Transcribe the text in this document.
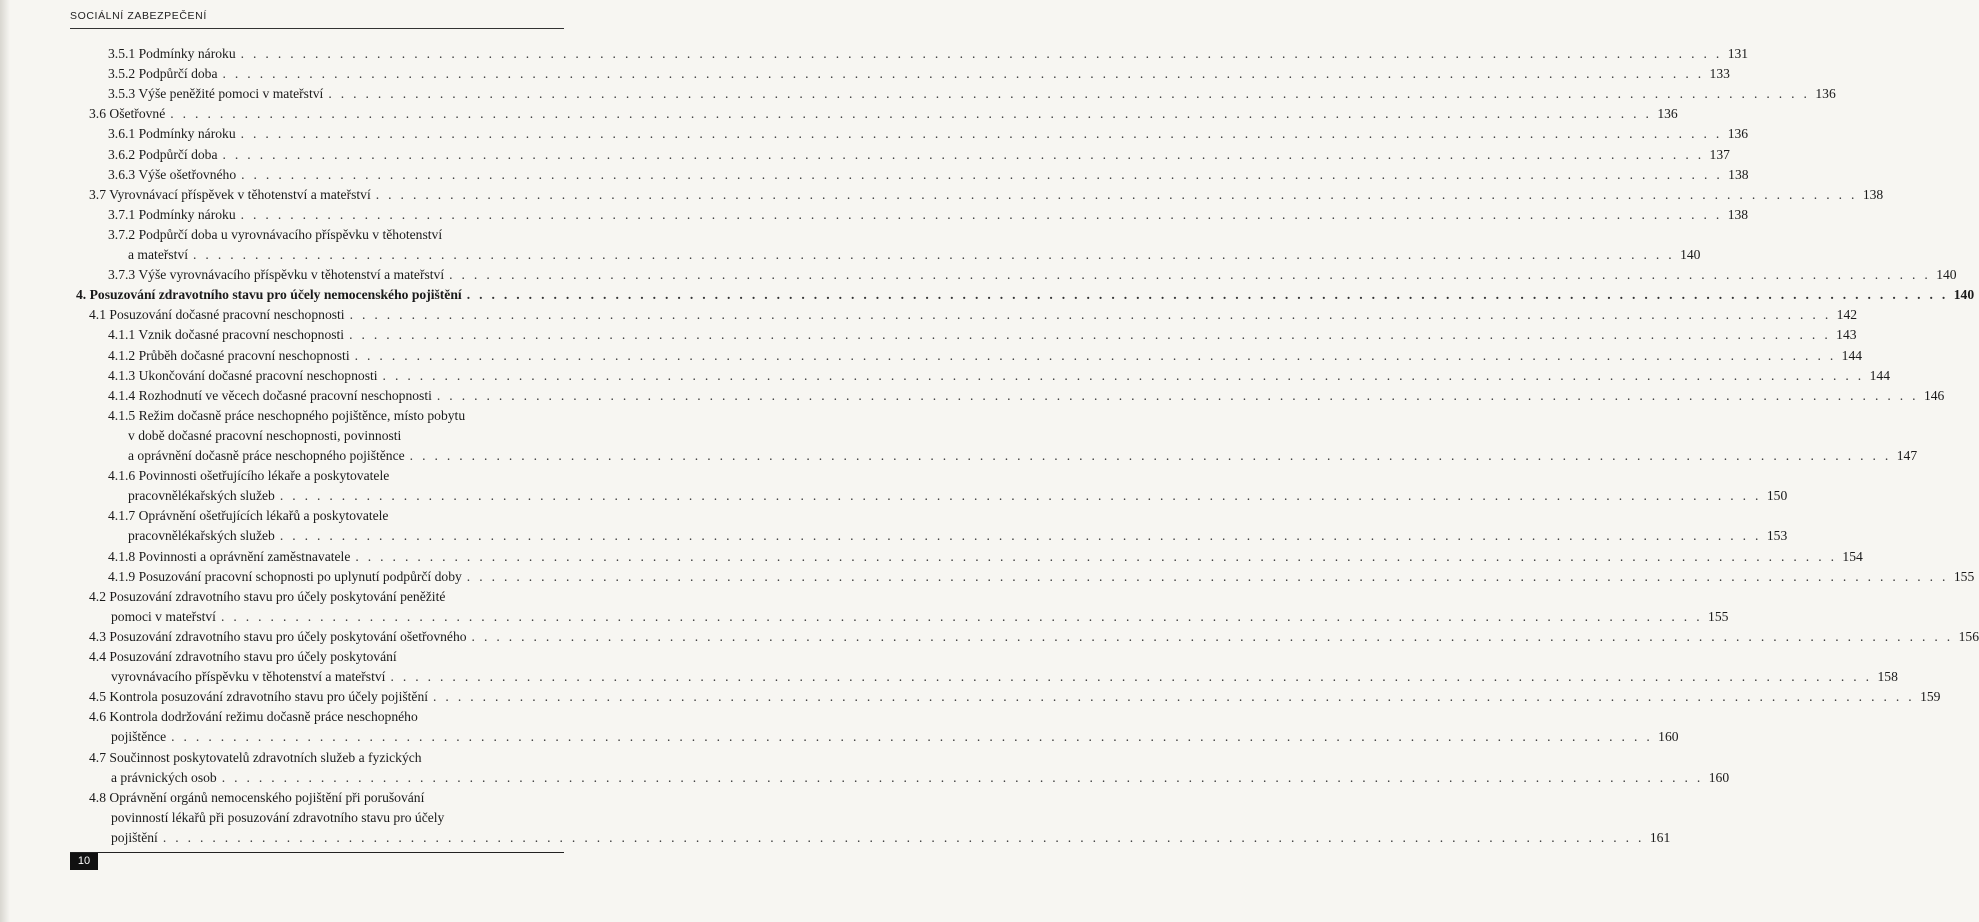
SOCIÁLNÍ ZABEZPEČENÍ
3.5.1 Podmínky nároku . . . . . . . . . . . . . . . . . . . . . . . . . . . . . . . . . . . . . . . . . . . . . . . . . . . . . . . . . . . . . . . . . . . . . . . . . . . . . . . . . . . . . . . . . . . . . . . . . . . . . . . . . . . . . . . . . . . . . . . . 131
3.5.2 Podpůrčí doba . . . . . . . . . . . . . . . . . . . . . . . . . . . . . . . . . . . . . . . . . . . . . . . . . . . . . . . . . . . . . . . . . . . . . . . . . . . . . . . . . . . . . . . . . . . . . . . . . . . . . . . . . . . . . . . . . . . . . . . . 133
3.5.3 Výše peněžité pomoci v mateřství . . . . . . . . . . . . . . . . . . . . . . . . . . . . . . . . . . . . . . . . . . . . . . . . . . . . . . . . . . . . . . . . . . . . . . . . . . . . . . . . . . . . . . . . . . . . . . . . . . . . . . . . . . . . . . . . . . . . . . . . 136
3.6 Ošetřovné . . . . . . . . . . . . . . . . . . . . . . . . . . . . . . . . . . . . . . . . . . . . . . . . . . . . . . . . . . . . . . . . . . . . . . . . . . . . . . . . . . . . . . . . . . . . . . . . . . . . . . . . . . . . . . . . . . . . . . . . 136
3.6.1 Podmínky nároku . . . . . . . . . . . . . . . . . . . . . . . . . . . . . . . . . . . . . . . . . . . . . . . . . . . . . . . . . . . . . . . . . . . . . . . . . . . . . . . . . . . . . . . . . . . . . . . . . . . . . . . . . . . . . . . . . . . . . . . . 136
3.6.2 Podpůrčí doba . . . . . . . . . . . . . . . . . . . . . . . . . . . . . . . . . . . . . . . . . . . . . . . . . . . . . . . . . . . . . . . . . . . . . . . . . . . . . . . . . . . . . . . . . . . . . . . . . . . . . . . . . . . . . . . . . . . . . . . . 137
3.6.3 Výše ošetřovného . . . . . . . . . . . . . . . . . . . . . . . . . . . . . . . . . . . . . . . . . . . . . . . . . . . . . . . . . . . . . . . . . . . . . . . . . . . . . . . . . . . . . . . . . . . . . . . . . . . . . . . . . . . . . . . . . . . . . . . . 138
3.7 Vyrovnávací příspěvek v těhotenství a mateřství . . . . . . . . . . . . . . . . . . . . . . . . . . . . . . . . . . . . . . . . . . . . . . . . . . . . . . . . . . . . . . . . . . . . . . . . . . . . . . . . . . . . . . . . . . . . . . . . . . . . . . . . . . . . . . . . . . . . . . . . 138
3.7.1 Podmínky nároku . . . . . . . . . . . . . . . . . . . . . . . . . . . . . . . . . . . . . . . . . . . . . . . . . . . . . . . . . . . . . . . . . . . . . . . . . . . . . . . . . . . . . . . . . . . . . . . . . . . . . . . . . . . . . . . . . . . . . . . . 138
3.7.2 Podpůrčí doba u vyrovnávacího příspěvku v těhotenství
a mateřství . . . . . . . . . . . . . . . . . . . . . . . . . . . . . . . . . . . . . . . . . . . . . . . . . . . . . . . . . . . . . . . . . . . . . . . . . . . . . . . . . . . . . . . . . . . . . . . . . . . . . . . . . . . . . . . . . . . . . . . . 140
3.7.3 Výše vyrovnávacího příspěvku v těhotenství a mateřství . . . . . . . . . . . . . . . . . . . . . . . . . . . . . . . . . . . . . . . . . . . . . . . . . . . . . . . . . . . . . . . . . . . . . . . . . . . . . . . . . . . . . . . . . . . . . . . . . . . . . . . . . . . . . . . . . . . . . . . . 140
4. Posuzování zdravotního stavu pro účely nemocenského pojištění . . . . . . . . . . . . . . . . . . . . . . . . . . . . . . . . . . . . . . . . . . . . . . . . . . . . . . . . . . . . . . . . . . . . . . . . . . . . . . . . . . . . . . . . . . . . . . . . . . . . . . . . . . . . . . . . . . . . . . . . 140
4.1 Posuzování dočasné pracovní neschopnosti . . . . . . . . . . . . . . . . . . . . . . . . . . . . . . . . . . . . . . . . . . . . . . . . . . . . . . . . . . . . . . . . . . . . . . . . . . . . . . . . . . . . . . . . . . . . . . . . . . . . . . . . . . . . . . . . . . . . . . . . 142
4.1.1 Vznik dočasné pracovní neschopnosti . . . . . . . . . . . . . . . . . . . . . . . . . . . . . . . . . . . . . . . . . . . . . . . . . . . . . . . . . . . . . . . . . . . . . . . . . . . . . . . . . . . . . . . . . . . . . . . . . . . . . . . . . . . . . . . . . . . . . . . . 143
4.1.2 Průběh dočasné pracovní neschopnosti . . . . . . . . . . . . . . . . . . . . . . . . . . . . . . . . . . . . . . . . . . . . . . . . . . . . . . . . . . . . . . . . . . . . . . . . . . . . . . . . . . . . . . . . . . . . . . . . . . . . . . . . . . . . . . . . . . . . . . . . 144
4.1.3 Ukončování dočasné pracovní neschopnosti . . . . . . . . . . . . . . . . . . . . . . . . . . . . . . . . . . . . . . . . . . . . . . . . . . . . . . . . . . . . . . . . . . . . . . . . . . . . . . . . . . . . . . . . . . . . . . . . . . . . . . . . . . . . . . . . . . . . . . . . 144
4.1.4 Rozhodnutí ve věcech dočasné pracovní neschopnosti . . . . . . . . . . . . . . . . . . . . . . . . . . . . . . . . . . . . . . . . . . . . . . . . . . . . . . . . . . . . . . . . . . . . . . . . . . . . . . . . . . . . . . . . . . . . . . . . . . . . . . . . . . . . . . . . . . . . . . . . 146
4.1.5 Režim dočasně práce neschopného pojištěnce, místo pobytu
v době dočasné pracovní neschopnosti, povinnosti
a oprávnění dočasně práce neschopného pojištěnce . . . . . . . . . . . . . . . . . . . . . . . . . . . . . . . . . . . . . . . . . . . . . . . . . . . . . . . . . . . . . . . . . . . . . . . . . . . . . . . . . . . . . . . . . . . . . . . . . . . . . . . . . . . . . . . . . . . . . . . . 147
4.1.6 Povinnosti ošetřujícího lékaře a poskytovatele
pracovnělékařských služeb . . . . . . . . . . . . . . . . . . . . . . . . . . . . . . . . . . . . . . . . . . . . . . . . . . . . . . . . . . . . . . . . . . . . . . . . . . . . . . . . . . . . . . . . . . . . . . . . . . . . . . . . . . . . . . . . . . . . . . . . 150
4.1.7 Oprávnění ošetřujících lékařů a poskytovatele
pracovnělékařských služeb . . . . . . . . . . . . . . . . . . . . . . . . . . . . . . . . . . . . . . . . . . . . . . . . . . . . . . . . . . . . . . . . . . . . . . . . . . . . . . . . . . . . . . . . . . . . . . . . . . . . . . . . . . . . . . . . . . . . . . . . 153
4.1.8 Povinnosti a oprávnění zaměstnavatele . . . . . . . . . . . . . . . . . . . . . . . . . . . . . . . . . . . . . . . . . . . . . . . . . . . . . . . . . . . . . . . . . . . . . . . . . . . . . . . . . . . . . . . . . . . . . . . . . . . . . . . . . . . . . . . . . . . . . . . . 154
4.1.9 Posuzování pracovní schopnosti po uplynutí podpůrčí doby . . . . . . . . . . . . . . . . . . . . . . . . . . . . . . . . . . . . . . . . . . . . . . . . . . . . . . . . . . . . . . . . . . . . . . . . . . . . . . . . . . . . . . . . . . . . . . . . . . . . . . . . . . . . . . . . . . . . . . . . 155
4.2 Posuzování zdravotního stavu pro účely poskytování peněžité
pomoci v mateřství . . . . . . . . . . . . . . . . . . . . . . . . . . . . . . . . . . . . . . . . . . . . . . . . . . . . . . . . . . . . . . . . . . . . . . . . . . . . . . . . . . . . . . . . . . . . . . . . . . . . . . . . . . . . . . . . . . . . . . . . 155
4.3 Posuzování zdravotního stavu pro účely poskytování ošetřovného . . . . . . . . . . . . . . . . . . . . . . . . . . . . . . . . . . . . . . . . . . . . . . . . . . . . . . . . . . . . . . . . . . . . . . . . . . . . . . . . . . . . . . . . . . . . . . . . . . . . . . . . . . . . . . . . . . . . . . . . 156
4.4 Posuzování zdravotního stavu pro účely poskytování
vyrovnávacího příspěvku v těhotenství a mateřství . . . . . . . . . . . . . . . . . . . . . . . . . . . . . . . . . . . . . . . . . . . . . . . . . . . . . . . . . . . . . . . . . . . . . . . . . . . . . . . . . . . . . . . . . . . . . . . . . . . . . . . . . . . . . . . . . . . . . . . . 158
4.5 Kontrola posuzování zdravotního stavu pro účely pojištění . . . . . . . . . . . . . . . . . . . . . . . . . . . . . . . . . . . . . . . . . . . . . . . . . . . . . . . . . . . . . . . . . . . . . . . . . . . . . . . . . . . . . . . . . . . . . . . . . . . . . . . . . . . . . . . . . . . . . . . . 159
4.6 Kontrola dodržování režimu dočasně práce neschopného
pojištěnce . . . . . . . . . . . . . . . . . . . . . . . . . . . . . . . . . . . . . . . . . . . . . . . . . . . . . . . . . . . . . . . . . . . . . . . . . . . . . . . . . . . . . . . . . . . . . . . . . . . . . . . . . . . . . . . . . . . . . . . . 160
4.7 Součinnost poskytovatelů zdravotních služeb a fyzických
a právnických osob . . . . . . . . . . . . . . . . . . . . . . . . . . . . . . . . . . . . . . . . . . . . . . . . . . . . . . . . . . . . . . . . . . . . . . . . . . . . . . . . . . . . . . . . . . . . . . . . . . . . . . . . . . . . . . . . . . . . . . . . 160
4.8 Oprávnění orgánů nemocenského pojištění při porušování
povinností lékařů při posuzování zdravotního stavu pro účely
pojištění . . . . . . . . . . . . . . . . . . . . . . . . . . . . . . . . . . . . . . . . . . . . . . . . . . . . . . . . . . . . . . . . . . . . . . . . . . . . . . . . . . . . . . . . . . . . . . . . . . . . . . . . . . . . . . . . . . . . . . . . 161
10
